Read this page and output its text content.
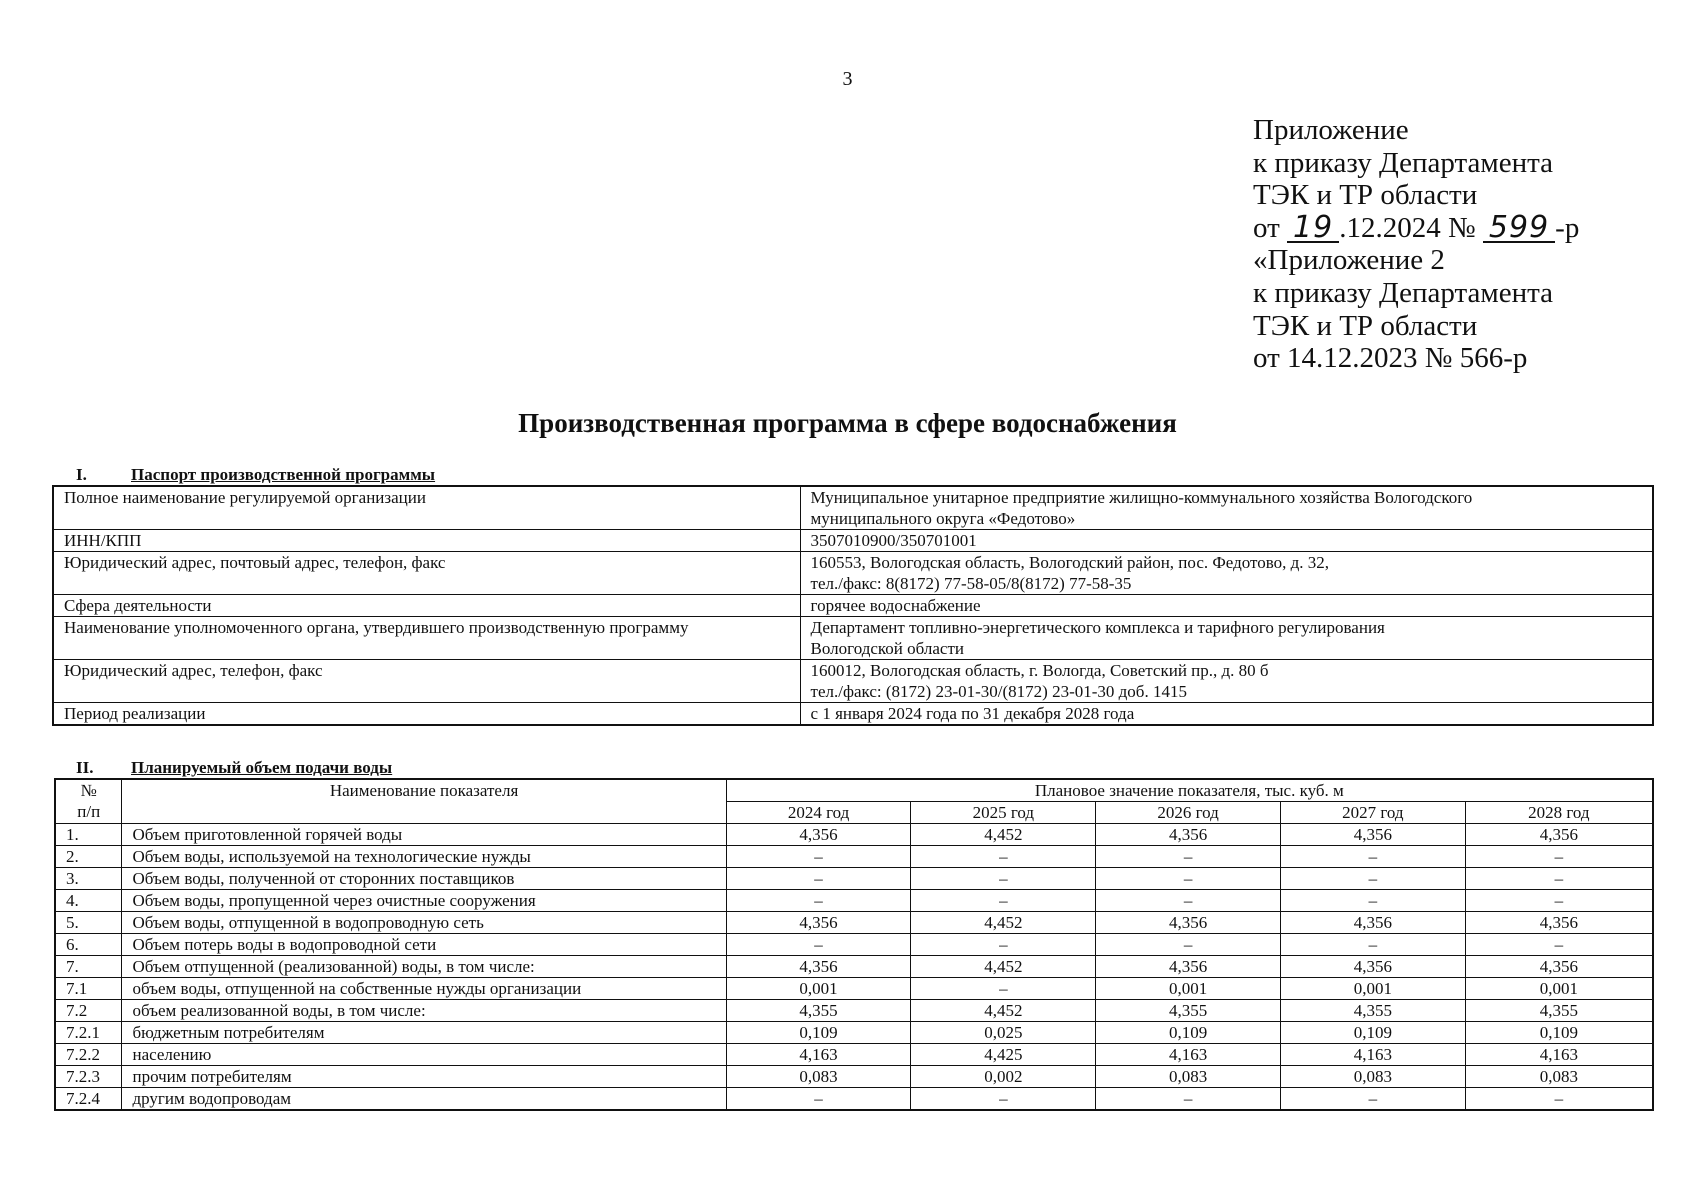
3
Приложение
к приказу Департамента
ТЭК и ТР области
от 19 .12.2024 № 599 -р
«Приложение 2
к приказу Департамента
ТЭК и ТР области
от 14.12.2023 № 566-р
Производственная программа в сфере водоснабжения
I.	Паспорт производственной программы
Полное наименование регулируемой организации	Муниципальное унитарное предприятие жилищно-коммунального хозяйства Вологодского
муниципального округа «Федотово»

ИНН/КПП	3507010900/350701001

Юридический адрес, почтовый адрес, телефон, факс	160553, Вологодская область, Вологодский район, пос. Федотово, д. 32,
тел./факс: 8(8172) 77-58-05/8(8172) 77-58-35

Сфера деятельности	горячее водоснабжение

Наименование уполномоченного органа, утвердившего производственную программу	Департамент топливно-энергетического комплекса и тарифного регулирования
Вологодской области

Юридический адрес, телефон, факс	160012, Вологодская область, г. Вологда, Советский пр., д. 80 б
тел./факс: (8172) 23-01-30/(8172) 23-01-30 доб. 1415

Период реализации	с 1 января 2024 года по 31 декабря 2028 года
II. Планируемый объем подачи воды
№
п/п	Наименование показателя	Плановое значение показателя, тыс. куб. м				
		2024 год	2025 год	2026 год	2027 год	2028 год
1.	Объем приготовленной горячей воды	4,356	4,452	4,356	4,356	4,356
2.	Объем воды, используемой на технологические нужды	–	–	–	–	–
3.	Объем воды, полученной от сторонних поставщиков	–	–	–	–	–
4.	Объем воды, пропущенной через очистные сооружения	–	–	–	–	–
5.	Объем воды, отпущенной в водопроводную сеть	4,356	4,452	4,356	4,356	4,356
6.	Объем потерь воды в водопроводной сети	–	–	–	–	–
7.	Объем отпущенной (реализованной) воды, в том числе:	4,356	4,452	4,356	4,356	4,356
7.1	объем воды, отпущенной на собственные нужды организации	0,001	–	0,001	0,001	0,001
7.2	объем реализованной воды, в том числе:	4,355	4,452	4,355	4,355	4,355
7.2.1	бюджетным потребителям	0,109	0,025	0,109	0,109	0,109
7.2.2	населению	4,163	4,425	4,163	4,163	4,163
7.2.3	прочим потребителям	0,083	0,002	0,083	0,083	0,083
7.2.4	другим водопроводам	–	–	–	–	–
